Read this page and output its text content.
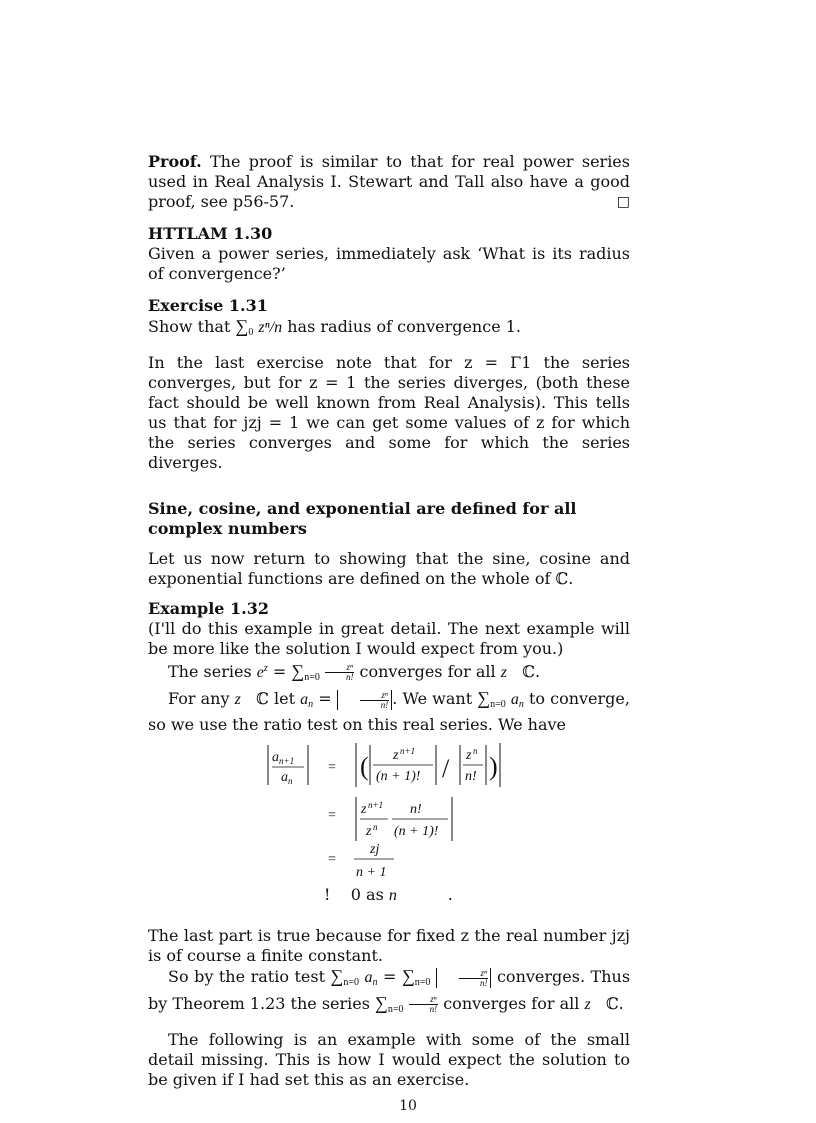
Proof. The proof is similar to that for real power series used in Real Analysis I. Stewart and Tall also have a good proof, see p56-57.	□

HTTLAM 1.30

Given a power series, immediately ask ‘What is its radius of convergence?’

Exercise 1.31

Show that $\sum_0$ zⁿ/n has radius of convergence 1.

In the last exercise note that for z = Γ1 the series converges, but for z = 1 the series diverges, (both these fact should be well known from Real Analysis). This tells us that for jzj = 1 we can get some values of z for which the series converges and some for which the series diverges.

Sine, cosine, and exponential are defined for all complex numbers

Let us now return to showing that the sine, cosine and exponential functions are defined on the whole of ℂ.

Example 1.32

(I'll do this example in great detail. The next example will be more like the solution I would expect from you.)

The series $e^z = \sum_{n=0} \frac{\text{zⁿ}}{n!}$ converges for all z ℂ.

For any z ℂ let $a_n$ =	$\frac{\text{zⁿ}}{n!}$ . We want $\sum_{n=0}$ $a_n$ to converge, so we use the ratio test on this real series. We have

a n+1
a n
= ( z n+1
(n + 1)! / z n
n! )
= z n+1
z n
n!
(n + 1)!
=
zj
n + 1

! 0 as n	.

The last part is true because for fixed z the real number jzj is of course a finite constant.

So by the ratio test $\sum_{n=0}$ $a_n = \sum_{n=0}$	$\frac{\text{zⁿ}}{n!}$ converges. Thus by Theorem 1.23 the series $\sum_{n=0} \frac{\text{zⁿ}}{n!}$ converges for all z ℂ.

The following is an example with some of the small detail missing. This is how I would expect the solution to be given if I had set this as an exercise.

10
